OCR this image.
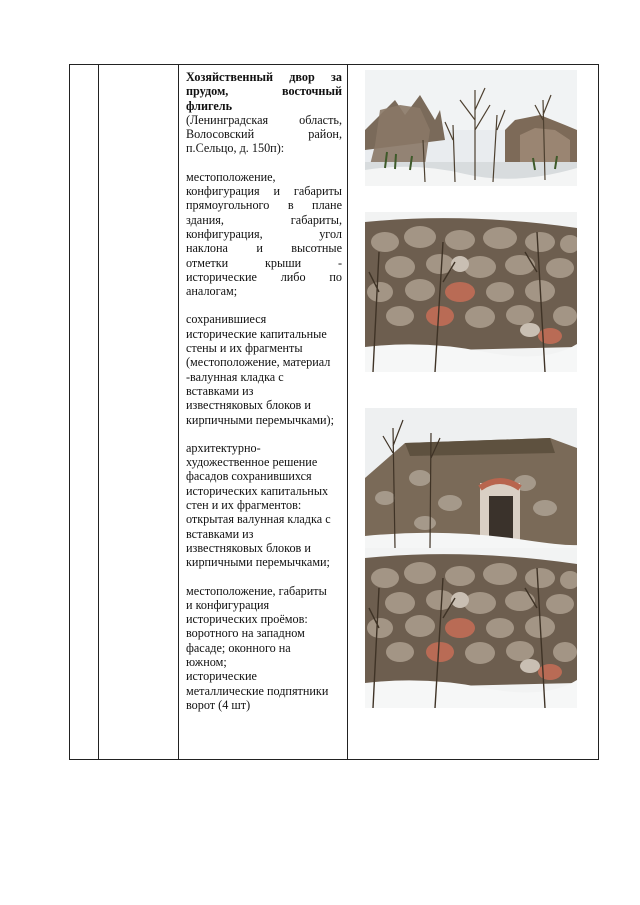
Хозяйственный двор за
прудом,	восточный
флигель

(Ленинградская	область,
Волосовский	район,
п.Сельцо, д. 150п):

местоположение,
конфигурация и габариты
прямоугольного в плане
здания,	габариты,
конфигурация,	угол
наклона и высотные
отметки	крыши	-
исторические либо по
аналогам;

сохранившиеся
исторические капитальные
стены и их фрагменты
(местоположение, материал
-валунная кладка с
вставками из
известняковых блоков и
кирпичными перемычками);

архитектурно-
художественное решение
фасадов сохранившихся
исторических капитальных
стен и их фрагментов:
открытая валунная кладка с
вставками из
известняковых блоков и
кирпичными перемычками;

местоположение, габариты
и конфигурация
исторических проёмов:
воротного на западном
фасаде; оконного на
южном;
исторические
металлические подпятники
ворот (4 шт)
